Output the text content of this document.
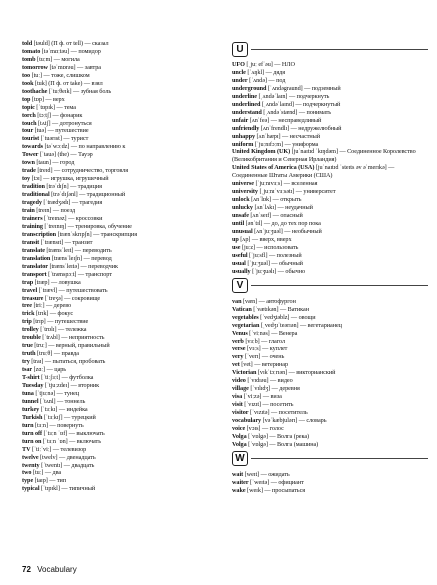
told [təuld] (П ф. от tell) — сказал
tomato [təˈmɑːtəu] — помидор
tomb [tuːm] — могила
tomorrow [təˈmɒrəu] — завтра
too [tuː] — тоже, слишком
took [tuk] (П ф. от take) — взял
toothache [ˈtuːθeɪk] — зубная боль
top [tɒp] — верх
topic [ˈtɒpɪk] — тема
torch [tɔːtʃ] — фонарик
touch [tʌtʃ] — дотронуться
tour [tuə] — путешествие
tourist [ˈtuərɪst] — турист
towards [təˈwɔːdz] — по направлению к
Tower [ˈtauə] (the) — Тауэр
town [taun] — город
trade [treɪd] — сотрудничество, торговля
toy [tɔɪ] — игрушка, игрушечный
tradition [trəˈdɪʃn] — традиция
traditional [trəˈdɪʃənl] — традиционный
tragedy [ˈtrædʒədɪ] — трагедия
train [treɪn] — поезд
trainers [ˈtreɪnəz] — кроссовки
training [ˈtreɪnɪŋ] — тренировка, обучение
transcription [trænˈskrɪpʃn] — транскрипция
transit [ˈtrænsɪt] — транзит
translate [trænsˈleɪt] — переводить
translation [trænsˈleɪʃn] — перевод
translator [trænsˈleɪtə] — переводчик
transport [ˈtrænspɔːt] — транспорт
trap [træp] — ловушка
travel [ˈtrævl] — путешествовать
treasure [ˈtreʒə] — сокровище
tree [triː] — дерево
trick [trɪk] — фокус
trip [trɪp] — путешествие
trolley [ˈtrɒlɪ] — тележка
trouble [ˈtrʌbl] — неприятность
true [truː] — верный, правильный
truth [truːθ] — правда
try [traɪ] — пытаться, пробовать
tsar [zɑː] — царь
T-shirt [ˈtiːʃɜːt] — футболка
Tuesday [ˈtjuːzdeɪ] — вторник
tuna [ˈtjuːnə] — тунец
tunnel [ˈtʌnl] — тоннель
turkey [ˈtɜːkɪ] — индейка
Turkish [ˈtɜːkɪʃ] — турецкий
turn [tɜːn] — повернуть
turn off [ˈtɜːn ˈɒf] — выключать
turn on [ˈtɜːn ˈɒn] — включать
TV [ˈtiːˈviː] — телевизор
twelve [twelv] — двенадцать
twenty [ˈtwentɪ] — двадцать
two [tuː] — два
type [taɪp] — тип
typical [ˈtɪpɪkl] — типичный
U
UFO [ˌjuː efˈəu] — НЛО
uncle [ˈʌŋkl] — дядя
under [ˈʌndə] — под
underground [ˈʌndəgraund] — подземный
underline [ˌʌndəˈlaɪn] — подчеркнуть
underlined [ˌʌndəˈlaɪnd] — подчеркнутый
understand [ˌʌndəˈstænd] — понимать
unfair [ʌnˈfeə] — несправедливый
unfriendly [ʌnˈfrendlɪ] — недружелюбный
unhappy [ʌnˈhæpɪ] — несчастный
uniform [ˈjuːnɪfɔːm] — униформа
United Kingdom (UK) [juˈnaɪtɪd ˈkɪŋdəm] — Соединенное Королевство (Великобритания и Северная Ирландия)
United States of America (USA) [juˈnaɪtɪd ˈsteɪts əv əˈmerɪkə] — Соединенные Штаты Америки (США)
universe [ˈjuːnɪvɜːs] — вселенная
university [ˌjuːnɪˈvɜːsətɪ] — университет
unlock [ʌnˈlɒk] — открыть
unlucky [ʌnˈlʌkɪ] — неудачный
unsafe [ʌnˈseɪf] — опасный
until [ənˈtɪl] — до, до тех пор пока
unusual [ʌnˈjuːʒuəl] — необычный
up [ʌp] — вверх, вверх
use [juːz] — использовать
useful [ˈjuːsfl] — полезный
usual [ˈjuːʒuəl] — обычный
usually [ˈjuːʒuəlɪ] — обычно
V
van [væn] — автофургон
Vatican [ˈvætɪkən] — Ватикан
vegetables [ˈvedʒtəblz] — овощи
vegetarian [ˌvedʒɪˈteərɪən] — вегетарианец
Venus [ˈviːnəs] — Венера
verb [vɜːb] — глагол
verse [vɜːs] — куплет
very [ˈverɪ] — очень
vet [vet] — ветеринар
Victorian [vɪkˈtɔːrɪən] — викторианский
video [ˈvɪdɪəu] — видео
village [ˈvɪlɪdʒ] — деревня
visa [ˈviːzə] — виза
visit [ˈvɪzɪt] — посетить
visitor [ˈvɪzɪtə] — посетитель
vocabulary [vəˈkæbjulərɪ] — словарь
voice [vɔɪs] — голос
Volga [ˈvɒlgə] — Волга (река)
Volga [ˈvɒlgə] — Волга (машина)
W
wait [weɪt] — ожидать
waiter [ˈweɪtə] — официант
wake [weɪk] — просыпаться
72 Vocabulary
